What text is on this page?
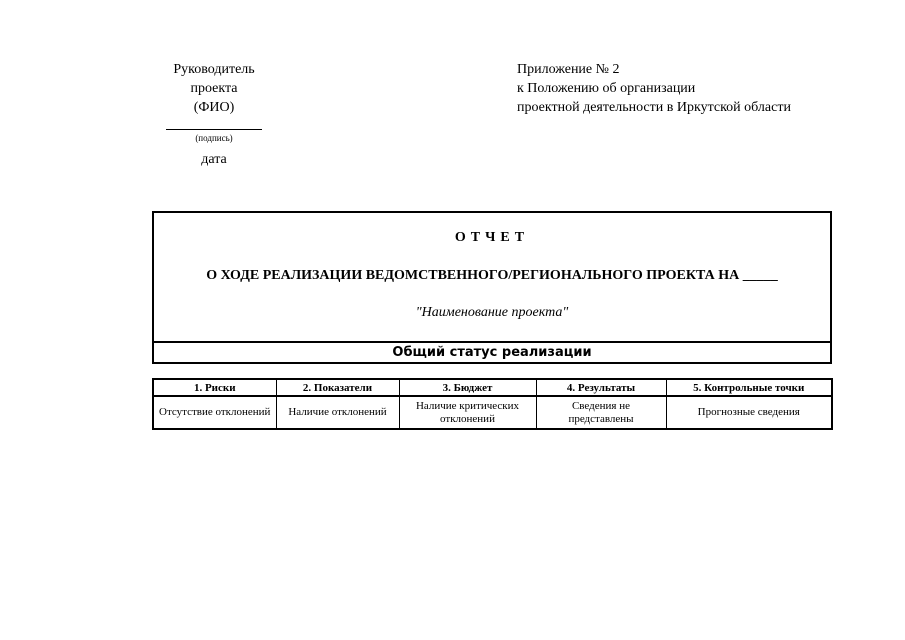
Руководитель
проекта
(ФИО)
(подпись)
дата
Приложение № 2
к Положению об организации
проектной деятельности в Иркутской области
ОТЧЕТ
О ХОДЕ РЕАЛИЗАЦИИ ВЕДОМСТВЕННОГО/РЕГИОНАЛЬНОГО ПРОЕКТА НА _____
"Наименование проекта"
Общий статус реализации
1. Риски	2. Показатели	3. Бюджет	4. Результаты	5. Контрольные точки
Отсутствие отклонений	Наличие отклонений	Наличие критических отклонений	Сведения не представлены	Прогнозные сведения
